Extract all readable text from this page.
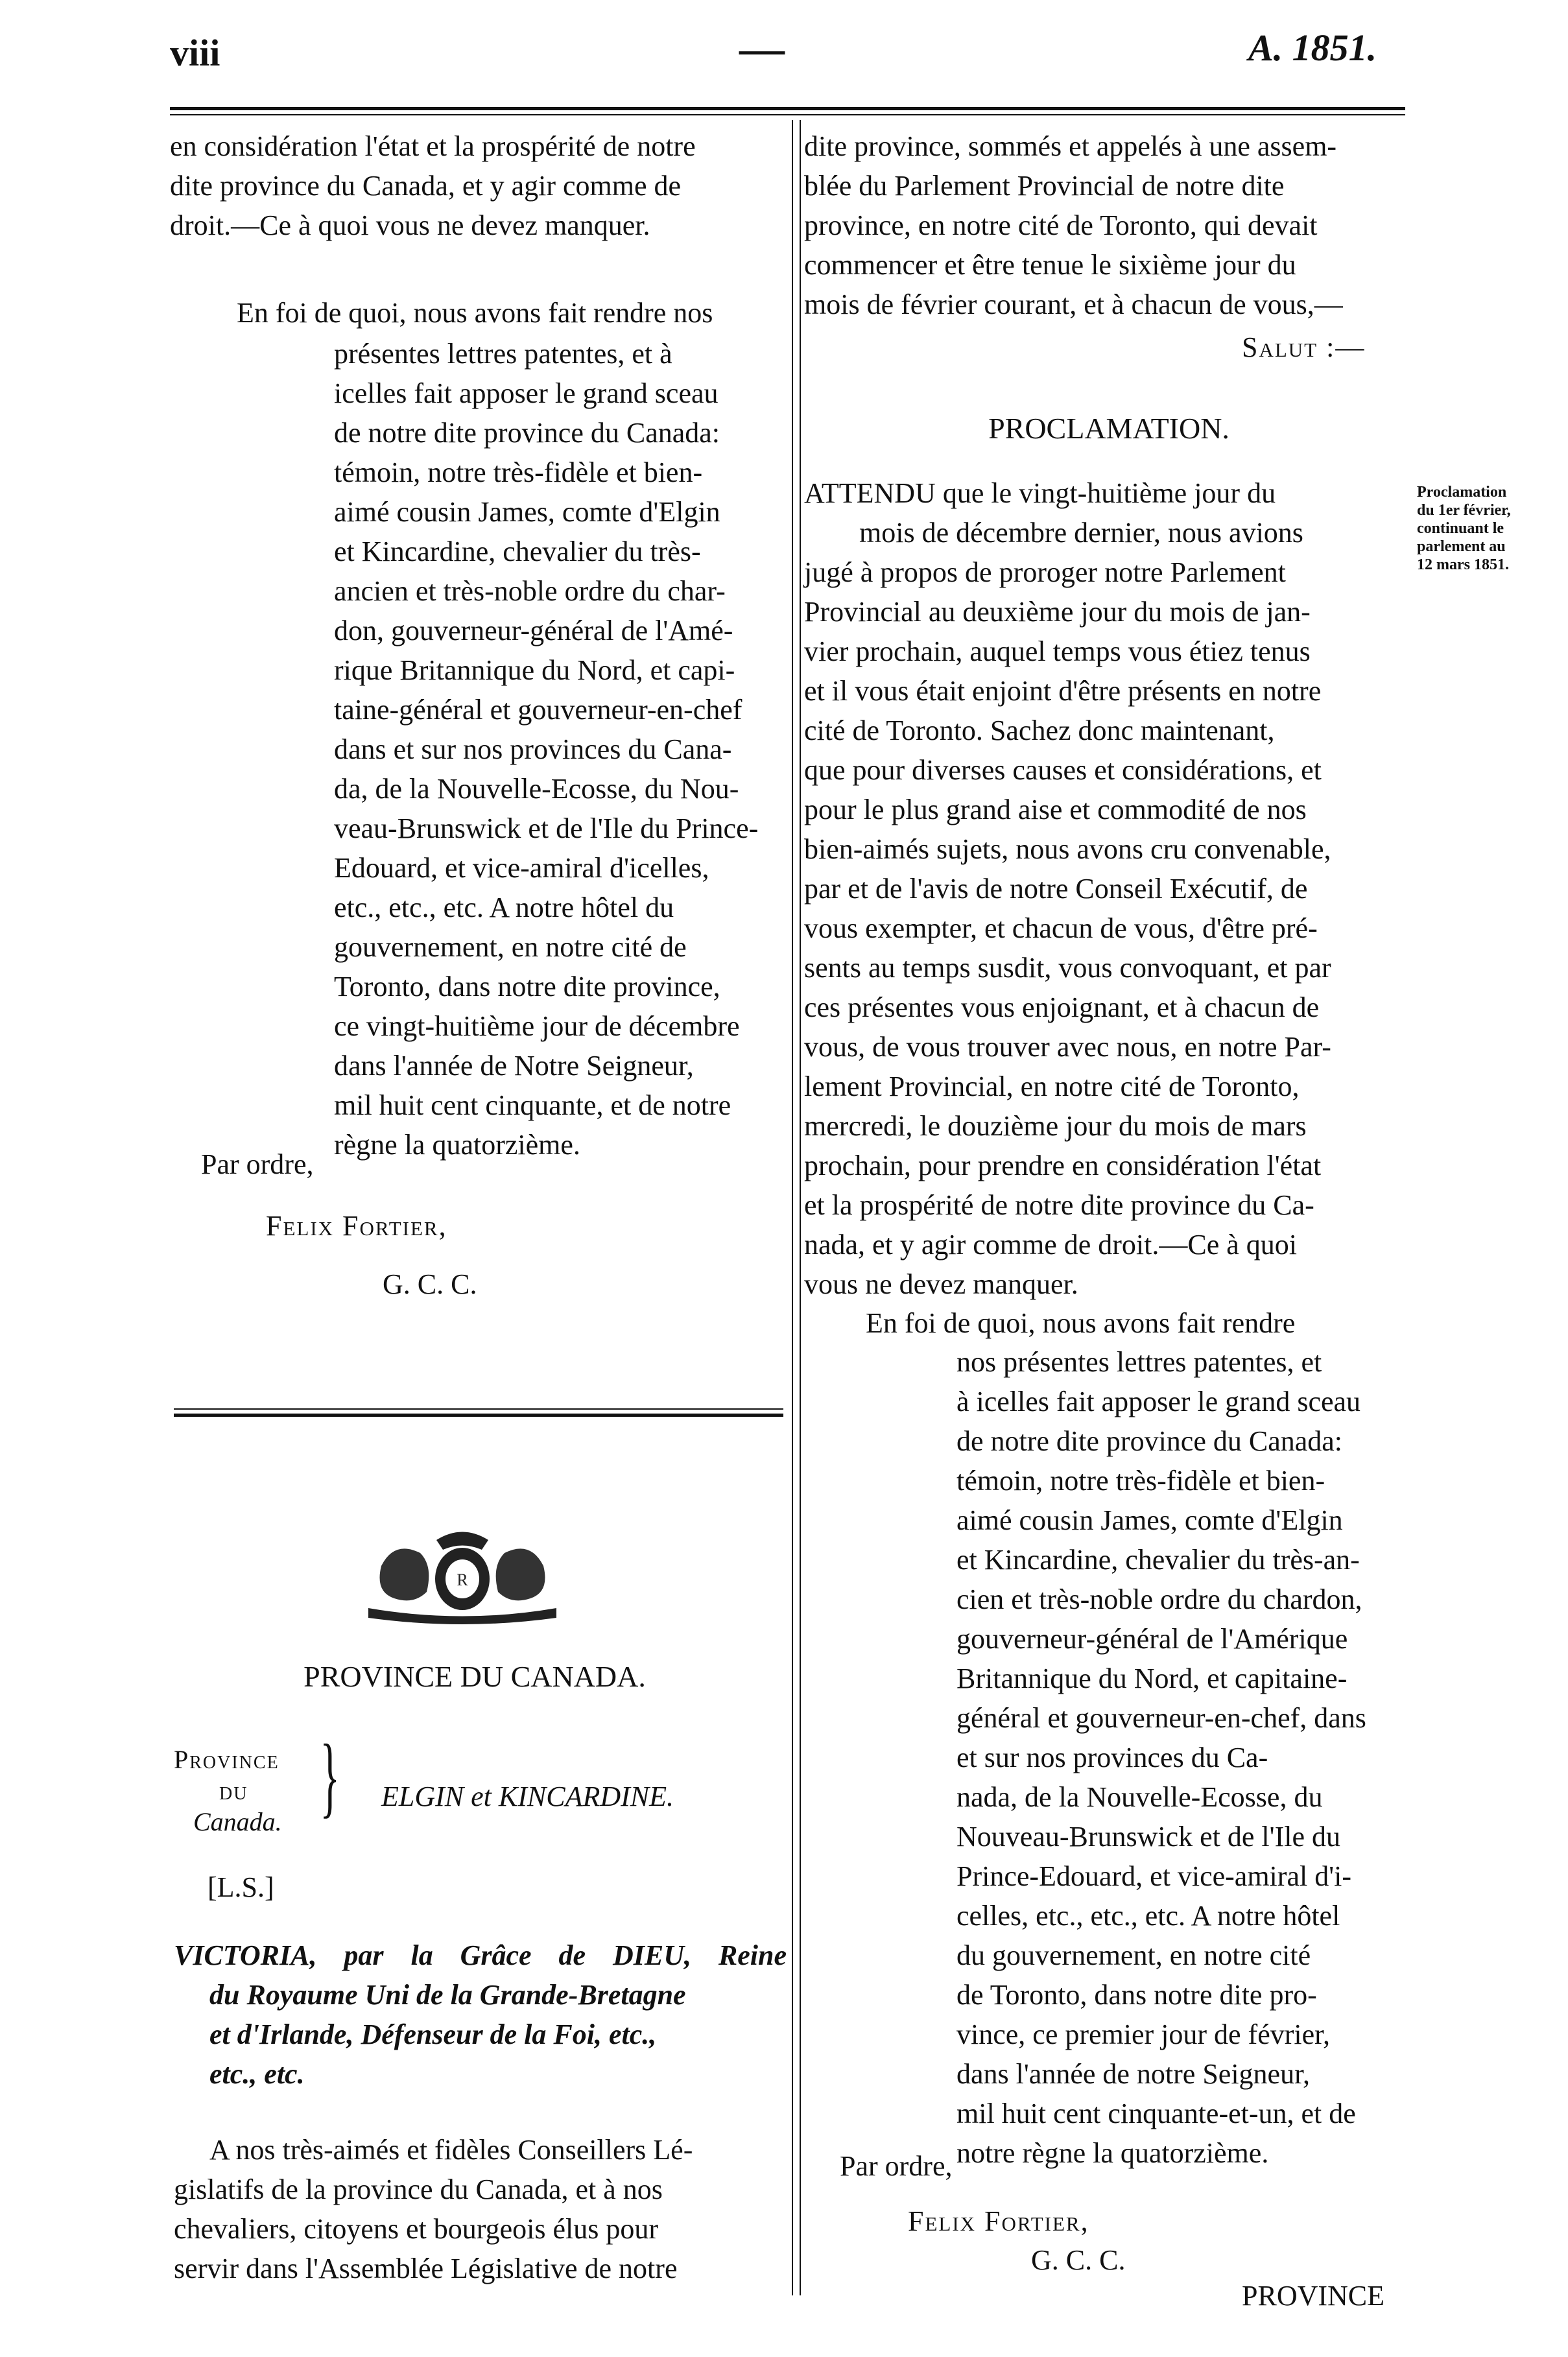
viii	—	A. 1851.
en considération l'état et la prospérité de notre
dite province du Canada, et y agir comme de
droit.—Ce à quoi vous ne devez manquer.
En foi de quoi, nous avons fait rendre nos
présentes lettres patentes, et à
icelles fait apposer le grand sceau
de notre dite province du Canada:
témoin, notre très-fidèle et bien-
aimé cousin James, comte d'Elgin
et Kincardine, chevalier du très-
ancien et très-noble ordre du char-
don, gouverneur-général de l'Amé-
rique Britannique du Nord, et capi-
taine-général et gouverneur-en-chef
dans et sur nos provinces du Cana-
da, de la Nouvelle-Ecosse, du Nou-
veau-Brunswick et de l'Ile du Prince-
Edouard, et vice-amiral d'icelles,
etc., etc., etc. A notre hôtel du
gouvernement, en notre cité de
Toronto, dans notre dite province,
ce vingt-huitième jour de décembre
dans l'année de Notre Seigneur,
mil huit cent cinquante, et de notre
règne la quatorzième.
Par ordre,
Felix Fortier,
G. C. C.
R
PROVINCE DU CANADA.
Province
du
Canada. } ELGIN et KINCARDINE.
[L.S.]
VICTORIA, par la Grâce de DIEU, Reine
du Royaume Uni de la Grande-Bretagne
et d'Irlande, Défenseur de la Foi, etc.,
etc., etc.
A nos très-aimés et fidèles Conseillers Lé-
gislatifs de la province du Canada, et à nos
chevaliers, citoyens et bourgeois élus pour
servir dans l'Assemblée Législative de notre
dite province, sommés et appelés à une assem-
blée du Parlement Provincial de notre dite
province, en notre cité de Toronto, qui devait
commencer et être tenue le sixième jour du
mois de février courant, et à chacun de vous,—
Salut :—
PROCLAMATION.
ATTENDU que le vingt-huitième jour du
mois de décembre dernier, nous avions
jugé à propos de proroger notre Parlement
Provincial au deuxième jour du mois de jan-
vier prochain, auquel temps vous étiez tenus
et il vous était enjoint d'être présents en notre
cité de Toronto. Sachez donc maintenant,
que pour diverses causes et considérations, et
pour le plus grand aise et commodité de nos
bien-aimés sujets, nous avons cru convenable,
par et de l'avis de notre Conseil Exécutif, de
vous exempter, et chacun de vous, d'être pré-
sents au temps susdit, vous convoquant, et par
ces présentes vous enjoignant, et à chacun de
vous, de vous trouver avec nous, en notre Par-
lement Provincial, en notre cité de Toronto,
mercredi, le douzième jour du mois de mars
prochain, pour prendre en considération l'état
et la prospérité de notre dite province du Ca-
nada, et y agir comme de droit.—Ce à quoi
vous ne devez manquer.
En foi de quoi, nous avons fait rendre
nos présentes lettres patentes, et
à icelles fait apposer le grand sceau
de notre dite province du Canada:
témoin, notre très-fidèle et bien-
aimé cousin James, comte d'Elgin
et Kincardine, chevalier du très-an-
cien et très-noble ordre du chardon,
gouverneur-général de l'Amérique
Britannique du Nord, et capitaine-
général et gouverneur-en-chef, dans
et sur nos provinces du Ca-
nada, de la Nouvelle-Ecosse, du
Nouveau-Brunswick et de l'Ile du
Prince-Edouard, et vice-amiral d'i-
celles, etc., etc., etc. A notre hôtel
du gouvernement, en notre cité
de Toronto, dans notre dite pro-
vince, ce premier jour de février,
dans l'année de notre Seigneur,
mil huit cent cinquante-et-un, et de
notre règne la quatorzième.
Par ordre,
Felix Fortier,
G. C. C.
PROVINCE
Proclamation
du 1er février,
continuant le
parlement au
12 mars 1851.
